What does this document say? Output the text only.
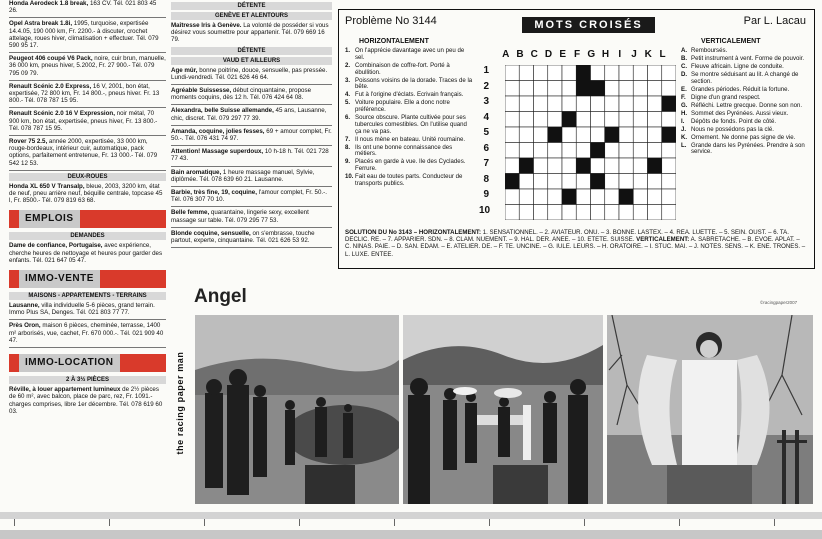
Honda Aerodeck 1.8 break, 163 CV. Tél. 021 803 45 26.
Opel Astra break 1.8i, 1995, turquoise, expertisée 14.4.05, 190 000 km, Fr. 2200.- à discuter, crochet attelage, roues hiver, climatisation + effectuer. Tél. 079 590 95 17.
Peugeot 406 coupé V6 Pack, noire, cuir brun, manuelle, 36 000 km, pneus hiver, 5.2002, Fr. 27 900.- Tél. 079 795 09 79.
Renault Scénic 2.0 Express, 16 V, 2001, bon état, expertisée, 72 800 km, Fr. 14 800.-, pneus hiver. Fr. 13 800.- Tél. 078 787 15 95.
Renault Scénic 2.0 16 V Expression, noir métal, 70 900 km, bon état, expertisée, pneus hiver, Fr. 13 800.- Tél. 078 787 15 95.
Rover 75 2.5, année 2000, expertisée, 33 000 km, rouge-bordeaux, intérieur cuir, automatique, pack options, parfaitement entretenue, Fr. 13 000.- Tél. 079 542 12 53.
DEUX-ROUES
Honda XL 650 V Transalp, bleue, 2003, 3200 km, état de neuf, pneu arrière neuf, béquille centrale, topcase 45 l, Fr. 8500.- Tél. 079 819 63 68.
EMPLOIS
DEMANDES
Dame de confiance, Portugaise, avec expérience, cherche heures de nettoyage et heures pour garder des enfants. Tél. 021 647 05 47.
IMMO-VENTE
MAISONS - APPARTEMENTS - TERRAINS
Lausanne, villa individuelle 5-6 pièces, grand terrain. Immo Plus SA, Denges. Tél. 021 803 77 77.
Près Oron, maison 6 pièces, cheminée, terrasse, 1400 m² arborisés, vue, cachet, Fr. 670 000.-. Tél. 021 909 40 47.
IMMO-LOCATION
2 À 3½ PIÈCES
Réville, à louer appartement lumineux de 2½ pièces de 60 m², avec balcon, place de parc, rez, Fr. 1091.- charges comprises, libre 1er décembre. Tél. 078 619 60 03.
DÉTENTE
GENÈVE ET ALENTOURS
Maîtresse lris à Genève. La volonté de posséder si vous désirez vous soumettre pour appartenir. Tél. 079 669 16 79.
DÉTENTE
VAUD ET AILLEURS
Age mûr, bonne poitrine, douce, sensuelle, pas pressée. Lundi-vendredi. Tél. 021 626 46 64.
Agréable Suissesse, début cinquantaine, propose moments coquins, dès 12 h. Tél. 076 424 64 08.
Alexandra, belle Suisse allemande, 45 ans, Lausanne, chic, discret. Tél. 079 297 77 39.
Amanda, coquine, jolies fesses, 69 + amour complet, Fr. 50.-. Tél. 076 431 74 97.
Attention! Massage superdoux, 10 h-18 h. Tél. 021 728 77 43.
Bain aromatique, 1 heure massage manuel, Sylvie, diplômée. Tél. 078 639 60 21. Lausanne.
Barbie, très fine, 19, coquine, l'amour complet, Fr. 50.-. Tél. 076 307 70 10.
Belle femme, quarantaine, lingerie sexy, excellent massage sur table. Tél. 079 295 77 53.
Blonde coquine, sensuelle, on s'embrasse, touche partout, experte, cinquantaine. Tél. 021 626 53 92.
Problème No 3144	MOTS CROISÉS	Par L. Lacau
HORIZONTALEMENT	VERTICALEMENT
1. On l'apprécie davantage avec un peu de sel.
2. Combinaison de coffre-fort. Porté à ébullition.
3. Poissons voisins de la dorade. Traces de la bête.
4. Fut à l'origine d'éclats. Ecrivain français.
5. Voiture populaire. Elle a donc notre préférence.
6. Source obscure. Plante cultivée pour ses tubercules comestibles. On l'utilise quand ça ne va pas.
7. Il nous mène en bateau. Unité roumaine.
8. Ils ont une bonne connaissance des métiers.
9. Placés en garde à vue. Ile des Cyclades. Ferrure.
10. Fait eau de toutes parts. Conducteur de transports publics.
A. Remboursés.
B. Petit instrument à vent. Forme de pouvoir.
C. Fleuve africain. Ligne de conduite.
D. Se montre séduisant au lit. A changé de section.
E. Grandes périodes. Réduit la fortune.
F. Digne d'un grand respect.
G. Réfléchi. Lettre grecque. Donne son non.
H. Sommet des Pyrénées. Aussi vieux.
I.	Dépôts de fonds. Point de côté.
J. Nous ne possédons pas la clé.
K. Ornement. Ne donne pas signe de vie.
L. Grande dans les Pyrénées. Prendre à son service.
A B C D E F G H I	J K L
1
2
3
4
5
6
7
8
9
10
SOLUTION DU No 3143 – HORIZONTALEMENT: 1. SENSATIONNEL. – 2. AVIATEUR. ONU. – 3. BONNE. LASTEX. – 4. REA. LUETTE. – 5. SEIN. OUST. – 6. TA. DECLIC. RE. – 7. APPARIER. SDN. – 8. CLAM. NUEMENT. – 9. HAL. DER. ANEE. – 10. ETETE. SUISSE. VERTICALEMENT: A. SABRETACHE. – B. EVOE. APLAT. – C. NINAS. PAIE. – D. SAN. EDAM. – E. ATELIER. DE. – F. TE. UNCINE. – G. IULE. LEURS. – H. ORATOIRE. – I. STUC. MAI. – J. NOTES. SENS. – K. ENE. TRONES. – L. LUXE. ENTEE.
Angel	©racingpaper2007
the racing paper man
